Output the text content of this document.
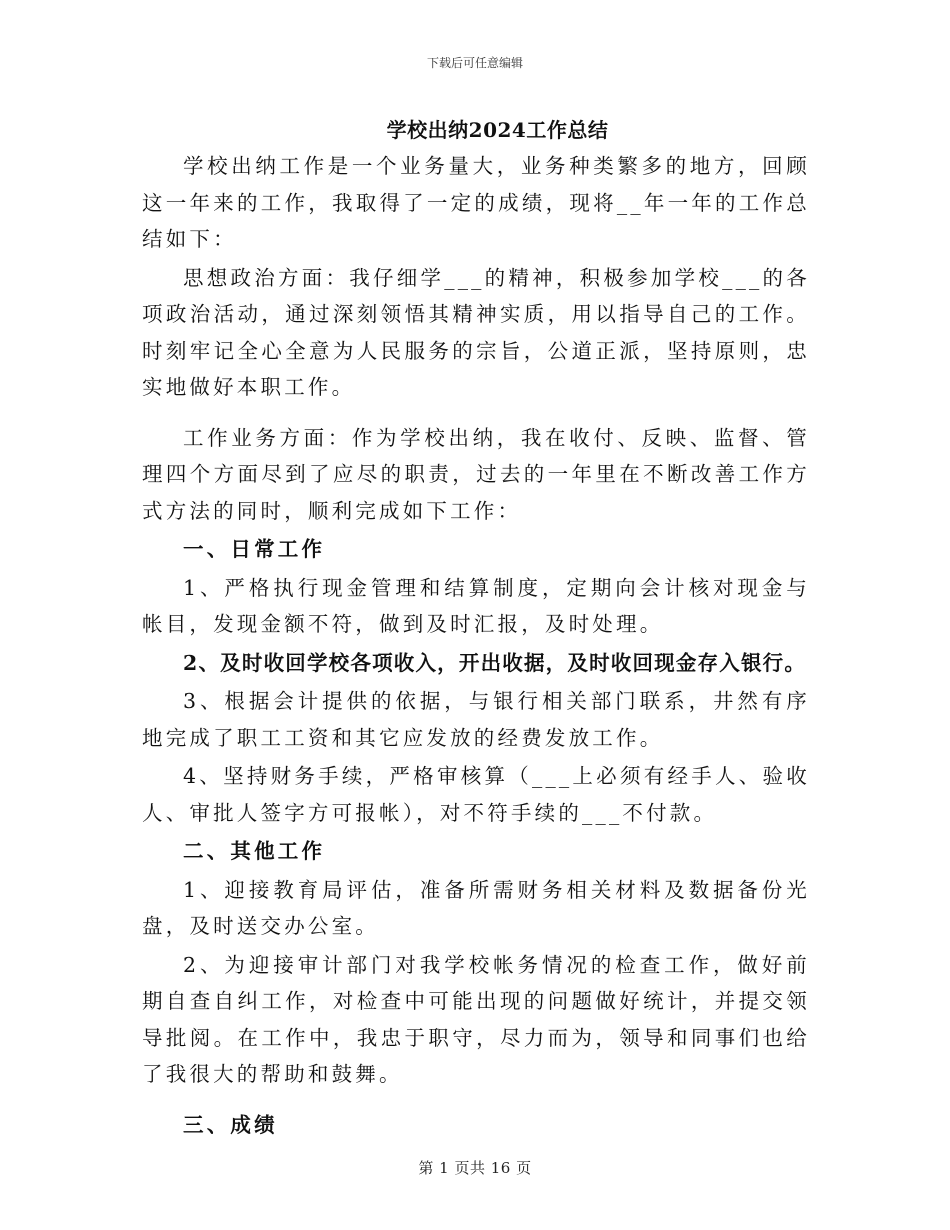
下载后可任意编辑
学校出纳2024工作总结

学校出纳工作是一个业务量大，业务种类繁多的地方，回顾这一年来的工作，我取得了一定的成绩，现将__年一年的工作总结如下：

思想政治方面：我仔细学___的精神，积极参加学校___的各项政治活动，通过深刻领悟其精神实质，用以指导自己的工作。时刻牢记全心全意为人民服务的宗旨，公道正派，坚持原则，忠实地做好本职工作。

工作业务方面：作为学校出纳，我在收付、反映、监督、管理四个方面尽到了应尽的职责，过去的一年里在不断改善工作方式方法的同时，顺利完成如下工作：

一、日常工作

1、严格执行现金管理和结算制度，定期向会计核对现金与帐目，发现金额不符，做到及时汇报，及时处理。

2、及时收回学校各项收入，开出收据，及时收回现金存入银行。

3、根据会计提供的依据，与银行相关部门联系，井然有序地完成了职工工资和其它应发放的经费发放工作。

4、坚持财务手续，严格审核算（___上必须有经手人、验收人、审批人签字方可报帐），对不符手续的___不付款。

二、其他工作

1、迎接教育局评估，准备所需财务相关材料及数据备份光盘，及时送交办公室。

2、为迎接审计部门对我学校帐务情况的检查工作，做好前期自查自纠工作，对检查中可能出现的问题做好统计，并提交领导批阅。在工作中，我忠于职守，尽力而为，领导和同事们也给了我很大的帮助和鼓舞。

三、成绩

第 1 页共 16 页
